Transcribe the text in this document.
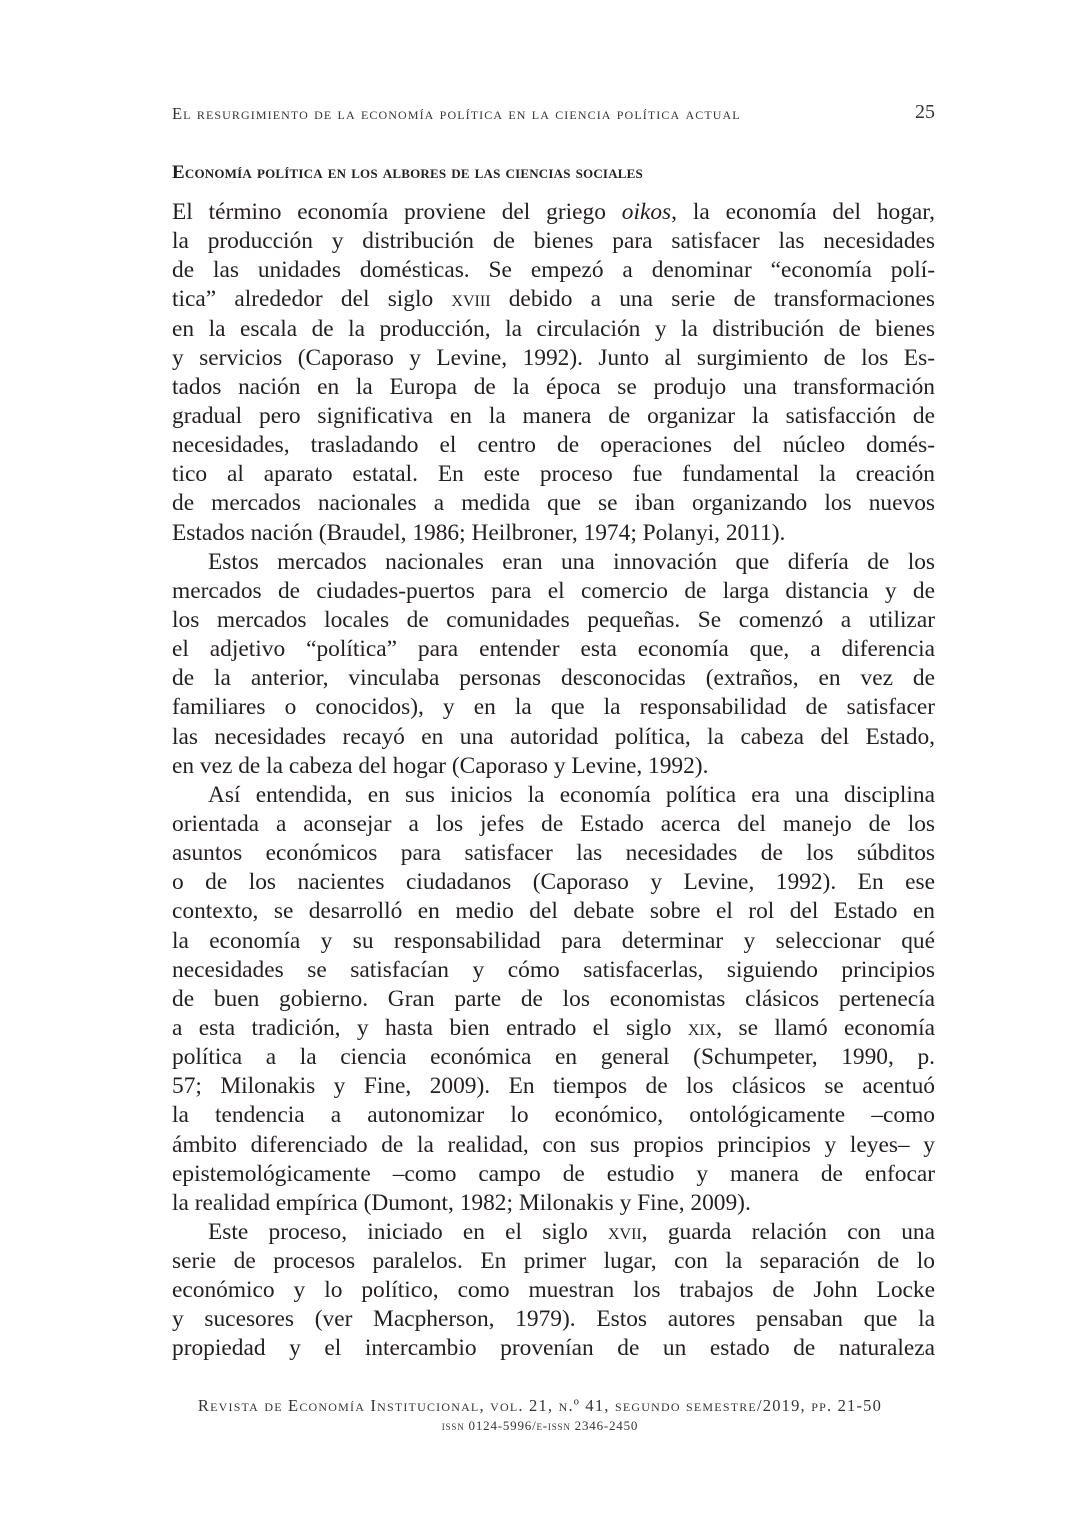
El resurgimiento de la economía política en la ciencia política actual	25
Economía política en los albores de las ciencias sociales
El término economía proviene del griego oikos, la economía del hogar,
la producción y distribución de bienes para satisfacer las necesidades
de las unidades domésticas. Se empezó a denominar “economía polí-
tica” alrededor del siglo xviii debido a una serie de transformaciones
en la escala de la producción, la circulación y la distribución de bienes
y servicios (Caporaso y Levine, 1992). Junto al surgimiento de los Es-
tados nación en la Europa de la época se produjo una transformación
gradual pero significativa en la manera de organizar la satisfacción de
necesidades, trasladando el centro de operaciones del núcleo domés-
tico al aparato estatal. En este proceso fue fundamental la creación
de mercados nacionales a medida que se iban organizando los nuevos
Estados nación (Braudel, 1986; Heilbroner, 1974; Polanyi, 2011).
Estos mercados nacionales eran una innovación que difería de los
mercados de ciudades-puertos para el comercio de larga distancia y de
los mercados locales de comunidades pequeñas. Se comenzó a utilizar
el adjetivo “política” para entender esta economía que, a diferencia
de la anterior, vinculaba personas desconocidas (extraños, en vez de
familiares o conocidos), y en la que la responsabilidad de satisfacer
las necesidades recayó en una autoridad política, la cabeza del Estado,
en vez de la cabeza del hogar (Caporaso y Levine, 1992).
Así entendida, en sus inicios la economía política era una disciplina
orientada a aconsejar a los jefes de Estado acerca del manejo de los
asuntos económicos para satisfacer las necesidades de los súbditos
o de los nacientes ciudadanos (Caporaso y Levine, 1992). En ese
contexto, se desarrolló en medio del debate sobre el rol del Estado en
la economía y su responsabilidad para determinar y seleccionar qué
necesidades se satisfacían y cómo satisfacerlas, siguiendo principios
de buen gobierno. Gran parte de los economistas clásicos pertenecía
a esta tradición, y hasta bien entrado el siglo xix, se llamó economía
política a la ciencia económica en general (Schumpeter, 1990, p.
57; Milonakis y Fine, 2009). En tiempos de los clásicos se acentuó
la tendencia a autonomizar lo económico, ontológicamente –como
ámbito diferenciado de la realidad, con sus propios principios y leyes– y
epistemológicamente –como campo de estudio y manera de enfocar
la realidad empírica (Dumont, 1982; Milonakis y Fine, 2009).
Este proceso, iniciado en el siglo xvii, guarda relación con una
serie de procesos paralelos. En primer lugar, con la separación de lo
económico y lo político, como muestran los trabajos de John Locke
y sucesores (ver Macpherson, 1979). Estos autores pensaban que la
propiedad y el intercambio provenían de un estado de naturaleza
Revista de Economía Institucional, vol. 21, n.º 41, segundo semestre/2019, pp. 21-50
issn 0124-5996/e-issn 2346-2450
